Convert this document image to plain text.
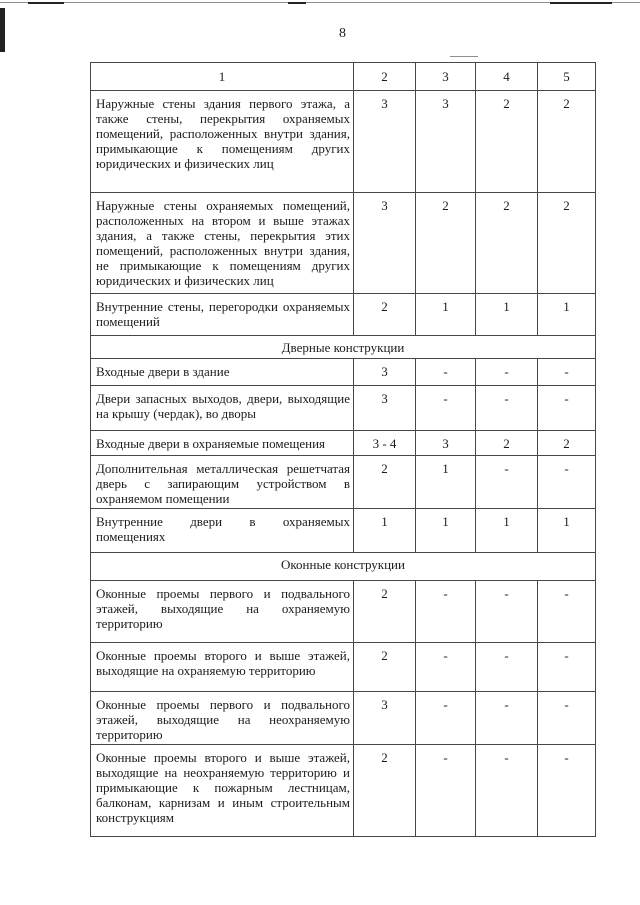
8
1	2	3	4	5
Наружные стены здания первого этажа, а также стены, перекрытия охраняемых помещений, расположенных внутри здания, примыкающие к помещениям других юридических и физических лиц	3	3	2	2
Наружные стены охраняемых помещений, расположенных на втором и выше этажах здания, а также стены, перекрытия этих помещений, расположенных внутри здания, не примыкающие к помещениям других юридических и физических лиц	3	2	2	2
Внутренние стены, перегородки охраняемых помещений	2	1	1	1
Дверные конструкции				
Входные двери в здание	3	-	-	-
Двери запасных выходов, двери, выходящие на крышу (чердак), во дворы	3	-	-	-
Входные двери в охраняемые помещения	3 - 4	3	2	2
Дополнительная металлическая решетчатая дверь с запирающим устройством в охраняемом помещении	2	1	-	-
Внутренние двери в охраняемых помещениях	1	1	1	1
Оконные конструкции				
Оконные проемы первого и подвального этажей, выходящие на охраняемую территорию	2	-	-	-
Оконные проемы второго и выше этажей, выходящие на охраняемую территорию	2	-	-	-
Оконные проемы первого и подвального этажей, выходящие на неохраняемую территорию	3	-	-	-
Оконные проемы второго и выше этажей, выходящие на неохраняемую территорию и примыкающие к пожарным лестницам, балконам, карнизам и иным строительным конструкциям	2	-	-	-
